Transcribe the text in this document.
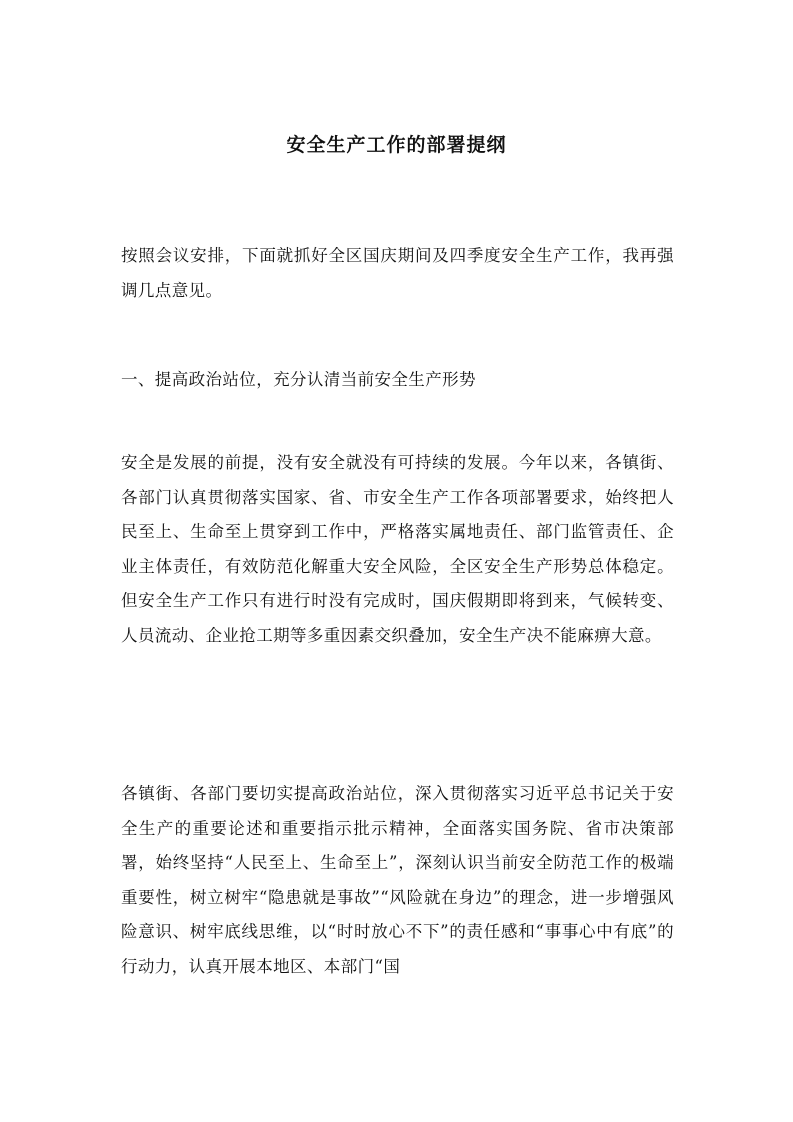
安全生产工作的部署提纲

按照会议安排，下面就抓好全区国庆期间及四季度安全生产工作，我再强调几点意见。

一、提高政治站位，充分认清当前安全生产形势

安全是发展的前提，没有安全就没有可持续的发展。今年以来，各镇街、各部门认真贯彻落实国家、省、市安全生产工作各项部署要求，始终把人民至上、生命至上贯穿到工作中，严格落实属地责任、部门监管责任、企业主体责任，有效防范化解重大安全风险，全区安全生产形势总体稳定。但安全生产工作只有进行时没有完成时，国庆假期即将到来，气候转变、人员流动、企业抢工期等多重因素交织叠加，安全生产决不能麻痹大意。

各镇街、各部门要切实提高政治站位，深入贯彻落实习近平总书记关于安全生产的重要论述和重要指示批示精神，全面落实国务院、省市决策部署，始终坚持“人民至上、生命至上”，深刻认识当前安全防范工作的极端重要性，树立树牢“隐患就是事故”“风险就在身边”的理念，进一步增强风险意识、树牢底线思维，以“时时放心不下”的责任感和“事事心中有底”的行动力，认真开展本地区、本部门“国
